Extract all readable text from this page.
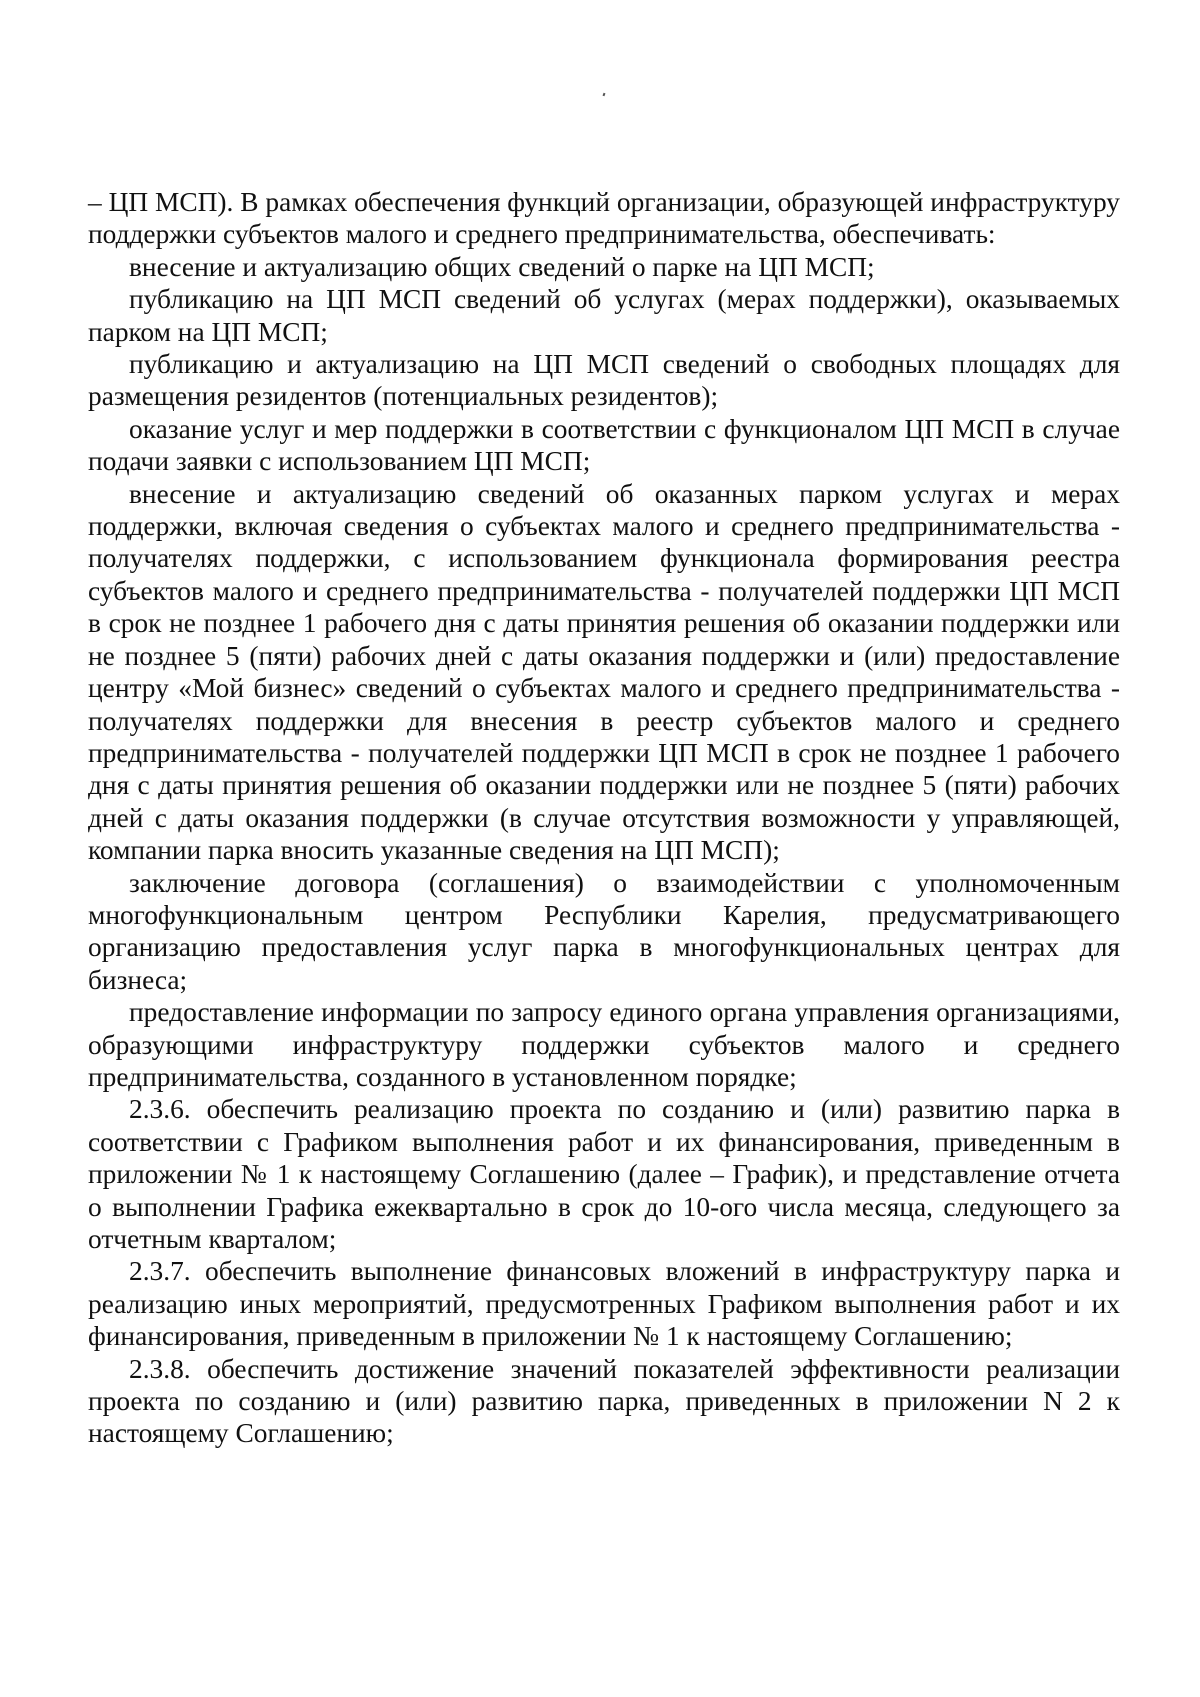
– ЦП МСП). В рамках обеспечения функций организации, образующей инфраструктуру поддержки субъектов малого и среднего предпринимательства, обеспечивать:

внесение и актуализацию общих сведений о парке на ЦП МСП;

публикацию на ЦП МСП сведений об услугах (мерах поддержки), оказываемых парком на ЦП МСП;

публикацию и актуализацию на ЦП МСП сведений о свободных площадях для размещения резидентов (потенциальных резидентов);

оказание услуг и мер поддержки в соответствии с функционалом ЦП МСП в случае подачи заявки с использованием ЦП МСП;

внесение и актуализацию сведений об оказанных парком услугах и мерах поддержки, включая сведения о субъектах малого и среднего предпринимательства - получателях поддержки, с использованием функционала формирования реестра субъектов малого и среднего предпринимательства - получателей поддержки ЦП МСП в срок не позднее 1 рабочего дня с даты принятия решения об оказании поддержки или не позднее 5 (пяти) рабочих дней с даты оказания поддержки и (или) предоставление центру «Мой бизнес» сведений о субъектах малого и среднего предпринимательства - получателях поддержки для внесения в реестр субъектов малого и среднего предпринимательства - получателей поддержки ЦП МСП в срок не позднее 1 рабочего дня с даты принятия решения об оказании поддержки или не позднее 5 (пяти) рабочих дней с даты оказания поддержки (в случае отсутствия возможности у управляющей, компании парка вносить указанные сведения на ЦП МСП);

заключение договора (соглашения) о взаимодействии с уполномоченным многофункциональным центром Республики Карелия, предусматривающего организацию предоставления услуг парка в многофункциональных центрах для бизнеса;

предоставление информации по запросу единого органа управления организациями, образующими инфраструктуру поддержки субъектов малого и среднего предпринимательства, созданного в установленном порядке;

2.3.6. обеспечить реализацию проекта по созданию и (или) развитию парка в соответствии с Графиком выполнения работ и их финансирования, приведенным в приложении № 1 к настоящему Соглашению (далее – График), и представление отчета о выполнении Графика ежеквартально в срок до 10-ого числа месяца, следующего за отчетным кварталом;

2.3.7. обеспечить выполнение финансовых вложений в инфраструктуру парка и реализацию иных мероприятий, предусмотренных Графиком выполнения работ и их финансирования, приведенным в приложении № 1 к настоящему Соглашению;

2.3.8. обеспечить достижение значений показателей эффективности реализации проекта по созданию и (или) развитию парка, приведенных в приложении N 2 к настоящему Соглашению;
